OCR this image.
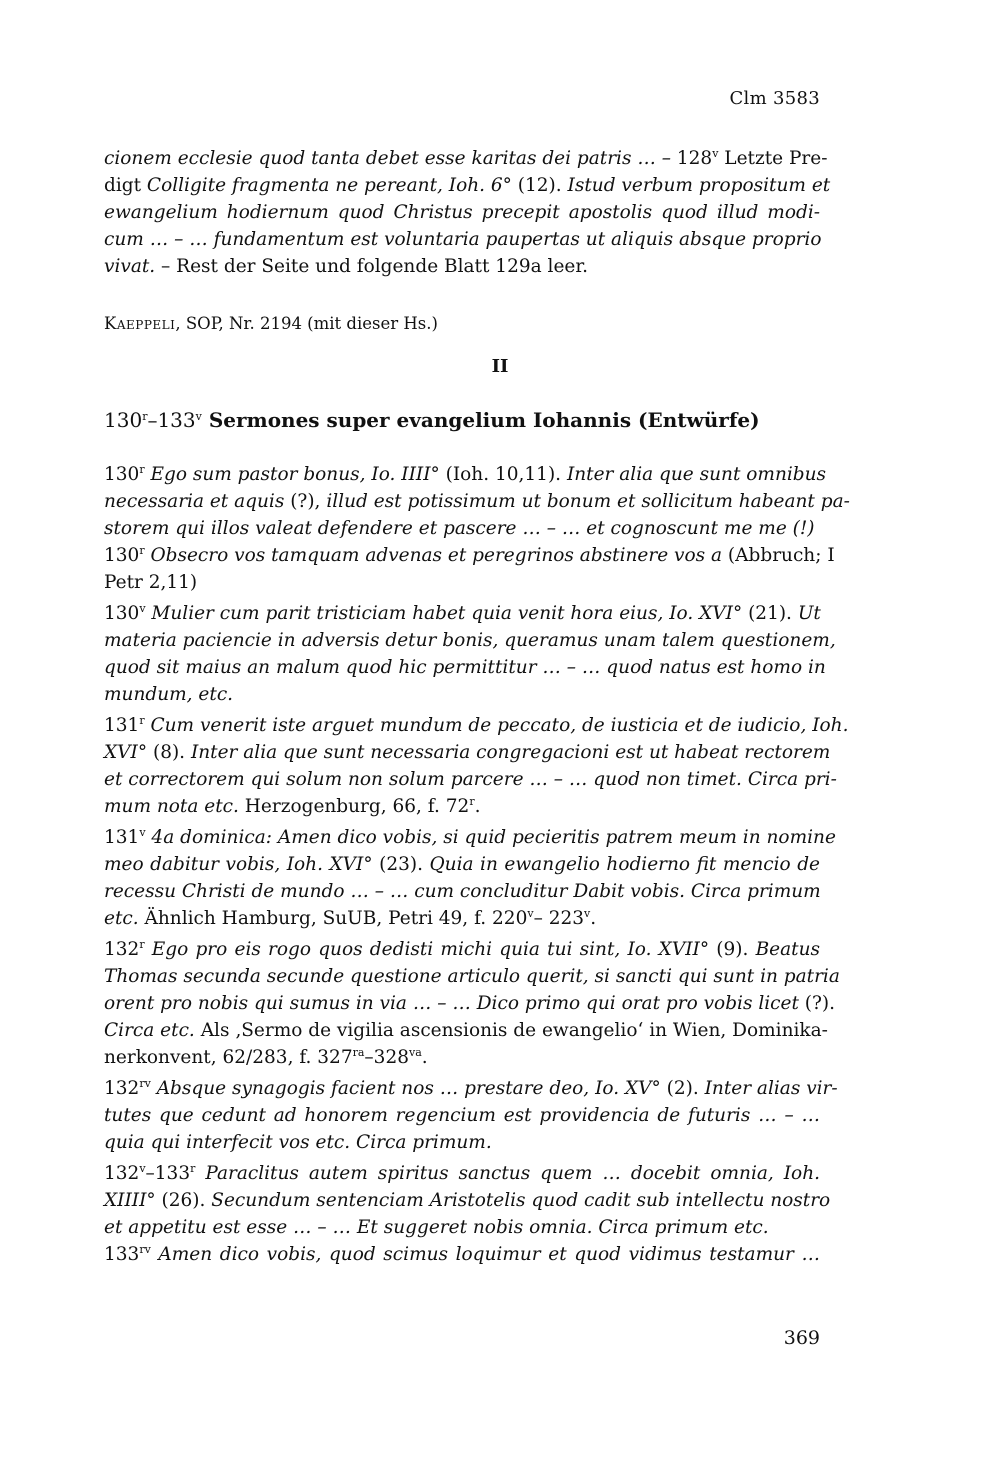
Clm 3583
cionem ecclesie quod tanta debet esse karitas dei patris … – 128$^v$ Letzte Pre-
digt Colligite fragmenta ne pereant, Ioh. 6° (12). Istud verbum propositum et
ewangelium hodiernum quod Christus precepit apostolis quod illud modi-
cum … – … fundamentum est voluntaria paupertas ut aliquis absque proprio
vivat. – Rest der Seite und folgende Blatt 129a leer.
Kaeppeli, SOP, Nr. 2194 (mit dieser Hs.)
II
130$^r$–133$^v$ Sermones super evangelium Iohannis (Entwürfe)
130$^r$ Ego sum pastor bonus, Io. IIII° (Ioh. 10,11). Inter alia que sunt omnibus
necessaria et aquis (?), illud est potissimum ut bonum et sollicitum habeant pa-
storem qui illos valeat defendere et pascere … – … et cognoscunt me me (!)
130$^r$ Obsecro vos tamquam advenas et peregrinos abstinere vos a (Abbruch; I
Petr 2,11)
130$^v$ Mulier cum parit tristiciam habet quia venit hora eius, Io. XVI° (21). Ut
materia paciencie in adversis detur bonis, queramus unam talem questionem,
quod sit maius an malum quod hic permittitur … – … quod natus est homo in
mundum, etc.
131$^r$ Cum venerit iste arguet mundum de peccato, de iusticia et de iudicio, Ioh.
XVI° (8). Inter alia que sunt necessaria congregacioni est ut habeat rectorem
et correctorem qui solum non solum parcere … – … quod non timet. Circa pri-
mum nota etc. Herzogenburg, 66, f. 72$^r$.
131$^v$ 4a dominica: Amen dico vobis, si quid pecieritis patrem meum in nomine
meo dabitur vobis, Ioh. XVI° (23). Quia in ewangelio hodierno fit mencio de
recessu Christi de mundo … – … cum concluditur Dabit vobis. Circa primum
etc. Ähnlich Hamburg, SuUB, Petri 49, f. 220$^v$– 223$^v$.
132$^r$ Ego pro eis rogo quos dedisti michi quia tui sint, Io. XVII° (9). Beatus
Thomas secunda secunde questione articulo querit, si sancti qui sunt in patria
orent pro nobis qui sumus in via … – … Dico primo qui orat pro vobis licet (?).
Circa etc. Als ‚Sermo de vigilia ascensionis de ewangelio‘ in Wien, Dominika-
nerkonvent, 62/283, f. $327^{ra}-328^{va}$.
$132^{rv}$ Absque synagogis facient nos … prestare deo, Io. XV° (2). Inter alias vir-
tutes que cedunt ad honorem regencium est providencia de futuris … – …
quia qui interfecit vos etc. Circa primum.
132$^v$–133$^r$ Paraclitus autem spiritus sanctus quem … docebit omnia, Ioh.
XIIII° (26). Secundum sentenciam Aristotelis quod cadit sub intellectu nostro
et appetitu est esse … – … Et suggeret nobis omnia. Circa primum etc.
$133^{rv}$ Amen dico vobis, quod scimus loquimur et quod vidimus testamur …
369
